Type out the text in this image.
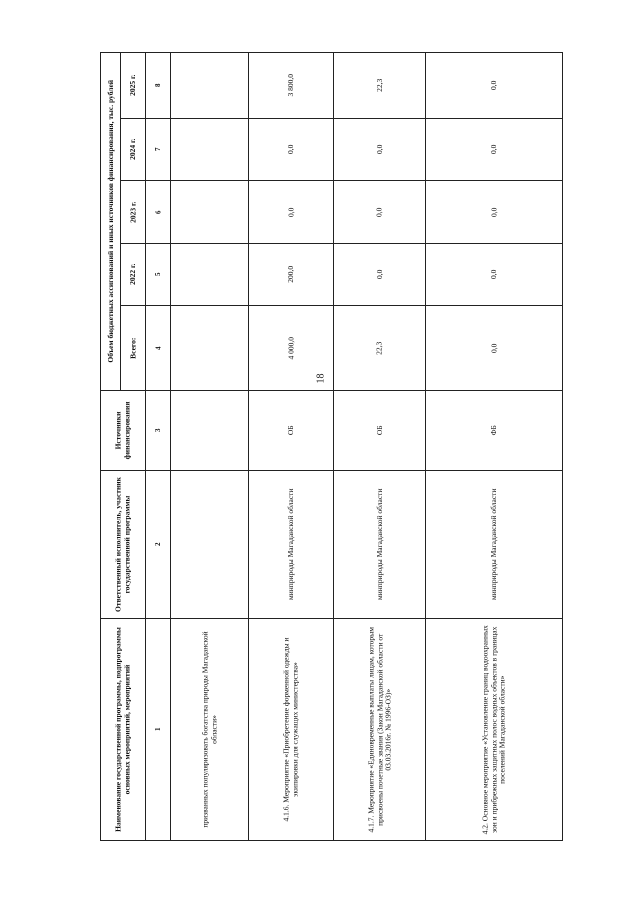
18
Наименование государственной программы, подпрограммы основных мероприятий, мероприятий
Ответственный исполнитель, участник государственной программы
Источники финансирования
Всего:
2022 г.
2023 г.
2024 г.
2025 г.
Объем бюджетных ассигнований и иных источников финансирования, тыс. рублей
1
2
3
4
5
6
7
8
призванных популяризовать богатства природы Магаданской области»	4.1.6. Мероприятие «Приобретение форменной одежды и экипировки для служащих министерства»
минприроды Магаданской области
ОБ
4 000,0
200,0
0,0
0,0
3 800,0
4.1.7. Мероприятие «Единовременные выплаты лицам, которым присвоены почетные звания (Закон Магаданской области от 03.03.2016г. № 1996-ОЗ)»
минприроды Магаданской области
ОБ
22,3
0,0
0,0
0,0
22,3
4.2. Основное мероприятие «Установление границ водоохранных зон и прибрежных защитных полос водных объектов в границах поселений Магаданской области»
минприроды Магаданской области
ФБ
0,0
0,0
0,0
0,0
0,0
